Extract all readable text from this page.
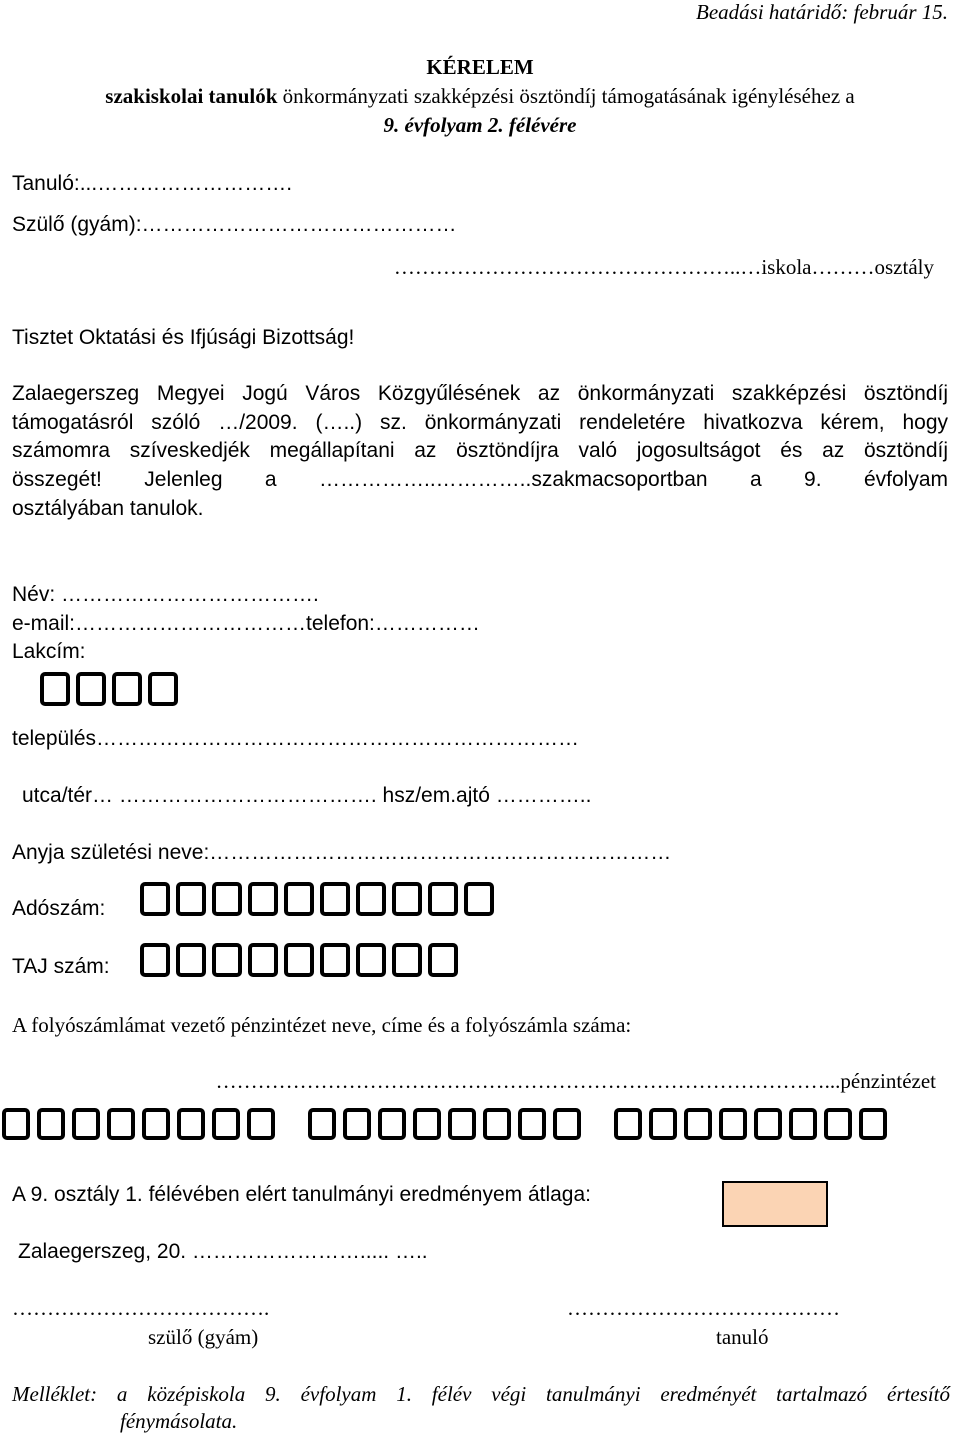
Beadási határidő: február 15.
KÉRELEM
szakiskolai tanulók önkormányzati szakképzési ösztöndíj támogatásának igényléséhez a
9. évfolyam 2. félévére
Tanuló:...……………………….
Szülő (gyám):………………………………………
…………………………………………..…iskola………osztály
Tisztet Oktatási és Ifjúsági Bizottság!
Zalaegerszeg Megyei Jogú Város Közgyűlésének az önkormányzati szakképzési ösztöndíj
támogatásról szóló …/2009. (…..) sz. önkormányzati rendeletére hivatkozva kérem, hogy
számomra szíveskedjék megállapítani az ösztöndíjra való jogosultságot és az ösztöndíj
összegét! Jelenleg a ……………..…………..szakmacsoportban a 9. évfolyam
osztályában tanulok.
Név: ……………………………….
e-mail:……………………………telefon:……………
Lakcím:
település……………………………………………………………
utca/tér… ………………………………. hsz/em.ajtó …………..
Anyja születési neve:…………………………………………………………
Adószám:
TAJ szám:
A folyószámlámat vezető pénzintézet neve, címe és a folyószámla száma:
……………………………………………………………………………...pénzintézet
A 9. osztály 1. félévében elért tanulmányi eredményem átlaga:
Zalaegerszeg, 20. ……………………..... …..
……………………………….	…………………………………
szülő (gyám)	tanuló
Melléklet: a középiskola 9. évfolyam 1. félév végi tanulmányi eredményét tartalmazó értesítő
fénymásolata.
